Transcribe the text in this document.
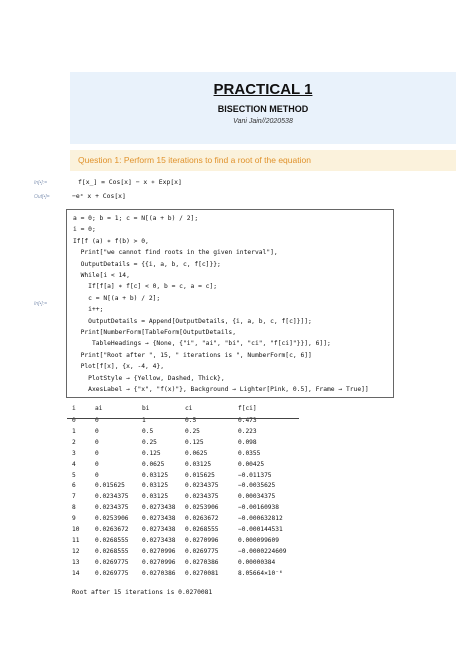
PRACTICAL 1
BISECTION METHOD
Vani Jain//2020538
Question 1: Perform 15 iterations to find a root of the equation
In[•]:=	f[x_] = Cos[x] − x ∗ Exp[x]
Out[•]=	−eˣ x + Cos[x]
In[•]:=
a = 0; b = 1; c = N[(a + b) / 2];
i = 0;
If[f (a) ∗ f(b) > 0,
Print["we cannot find roots in the given interval"],
OutputDetails = {{i, a, b, c, f[c]}};
While[i < 14,
If[f[a] ∗ f[c] < 0, b = c, a = c];
c = N[(a + b) / 2];
i++;
OutputDetails = Append[OutputDetails, {i, a, b, c, f[c]}]];
Print[NumberForm[TableForm[OutputDetails,
TableHeadings → {None, {"i", "ai", "bi", "ci", "f[ci]"}}], 6]];
Print["Root after ", 15, " iterations is ", NumberForm[c, 6]]
Plot[f[x], {x, -4, 4},
PlotStyle → {Yellow, Dashed, Thick},
AxesLabel → {"x", "f(x)"}, Background → Lighter[Pink, 0.5], Frame → True]]
i	ai	bi	ci	f[ci]
0	0	1	0.5	0.473
1	0	0.5	0.25	0.223
2	0	0.25	0.125	0.098
3	0	0.125	0.0625	0.0355
4	0	0.0625	0.03125	0.00425
5	0	0.03125	0.015625	−0.011375
6	0.015625	0.03125	0.0234375	−0.0035625
7	0.0234375 0.03125	0.0234375	0.00034375
8	0.0234375 0.0273438 0.0253906	−0.00160938
9	0.0253906 0.0273438 0.0263672	−0.000632812
10	0.0263672 0.0273438 0.0268555	−0.000144531
11	0.0268555 0.0273438 0.0270996	0.000099609
12	0.0268555 0.0270996 0.0269775	−0.0000224609
13	0.0269775 0.0270996 0.0270386	0.00000384
14	0.0269775 0.0270386 0.0270081	8.05664×10⁻⁶
Root after 15 iterations is 0.0270081
